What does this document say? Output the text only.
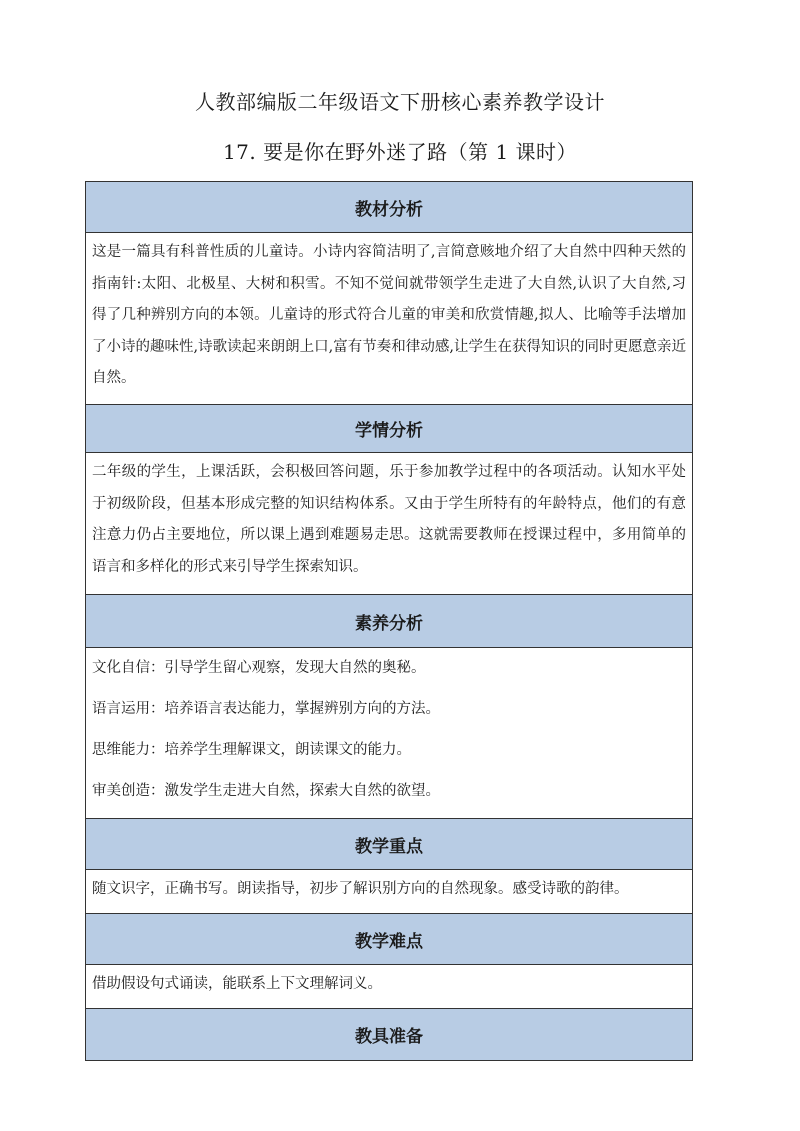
人教部编版二年级语文下册核心素养教学设计
17. 要是你在野外迷了路（第 1 课时）
教材分析
这是一篇具有科普性质的儿童诗。小诗内容简洁明了,言简意赅地介绍了大自然中四种天然的指南针:太阳、北极星、大树和积雪。不知不觉间就带领学生走进了大自然,认识了大自然,习得了几种辨别方向的本领。儿童诗的形式符合儿童的审美和欣赏情趣,拟人、比喻等手法增加了小诗的趣味性,诗歌读起来朗朗上口,富有节奏和律动感,让学生在获得知识的同时更愿意亲近自然。
学情分析
二年级的学生，上课活跃，会积极回答问题，乐于参加教学过程中的各项活动。认知水平处于初级阶段，但基本形成完整的知识结构体系。又由于学生所特有的年龄特点，他们的有意注意力仍占主要地位，所以课上遇到难题易走思。这就需要教师在授课过程中，多用简单的语言和多样化的形式来引导学生探索知识。
素养分析

文化自信：引导学生留心观察，发现大自然的奥秘。

语言运用：培养语言表达能力，掌握辨别方向的方法。

思维能力：培养学生理解课文，朗读课文的能力。

审美创造：激发学生走进大自然，探索大自然的欲望。

教学重点
随文识字，正确书写。朗读指导，初步了解识别方向的自然现象。感受诗歌的韵律。
教学难点
借助假设句式诵读，能联系上下文理解词义。
教具准备
